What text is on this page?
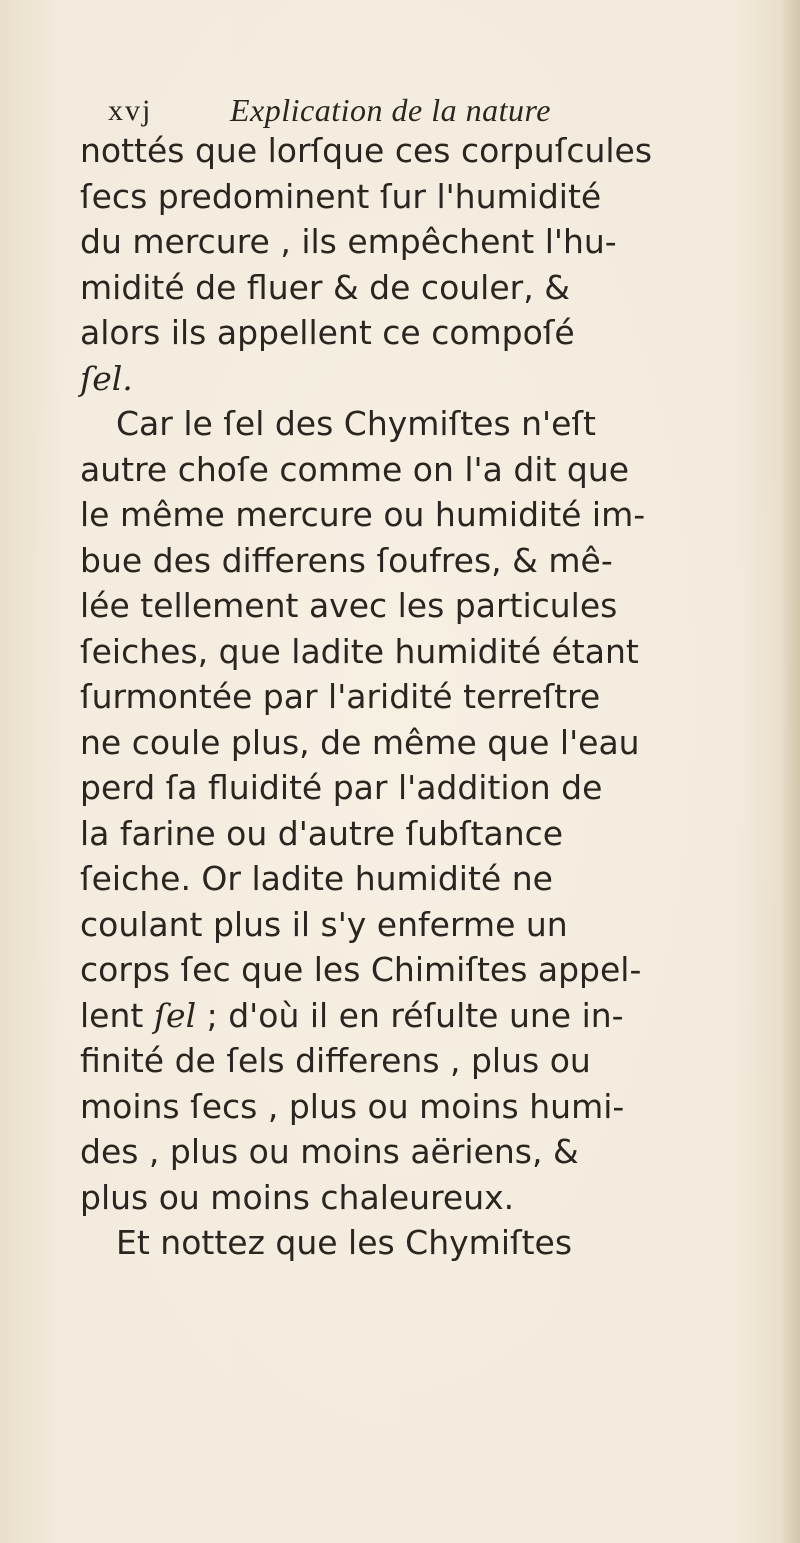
xvj Explication de la nature
nottés que lorſque ces corpuſcules
ſecs predominent ſur l'humidité
du mercure , ils empêchent l'hu-
midité de fluer & de couler, &
alors ils appellent ce compoſé
ſel.
Car le ſel des Chymiſtes n'eſt
autre choſe comme on l'a dit que
le même mercure ou humidité im-
bue des differens ſoufres, & mê-
lée tellement avec les particules
ſeiches, que ladite humidité étant
ſurmontée par l'aridité terreſtre
ne coule plus, de même que l'eau
perd ſa fluidité par l'addition de
la farine ou d'autre ſubſtance
ſeiche. Or ladite humidité ne
coulant plus il s'y enferme un
corps ſec que les Chimiſtes appel-
lent ſel ; d'où il en réſulte une in-
finité de ſels differens , plus ou
moins ſecs , plus ou moins humi-
des , plus ou moins aëriens, &
plus ou moins chaleureux.
Et nottez que les Chymiſtes
